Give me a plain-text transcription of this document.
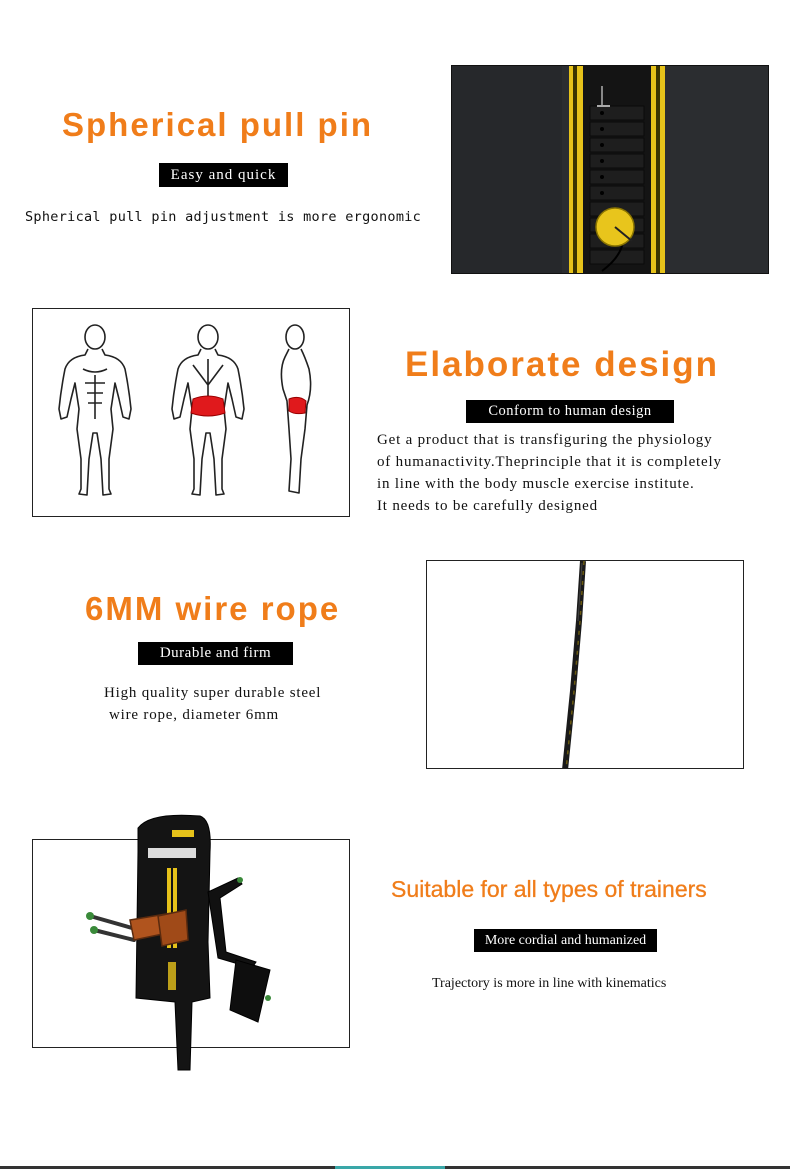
Spherical pull pin
Easy and quick
Spherical pull pin adjustment is more ergonomic
Elaborate design
Conform to human design
Get a product that is transfiguring the physiology
of humanactivity.Theprinciple that it is completely
in line with the body muscle exercise institute.
It needs to be carefully designed
6MM wire rope
Durable and firm
High quality super durable steel
wire rope, diameter 6mm
Suitable for all types of trainers
More cordial and humanized
Trajectory is more in line with kinematics
